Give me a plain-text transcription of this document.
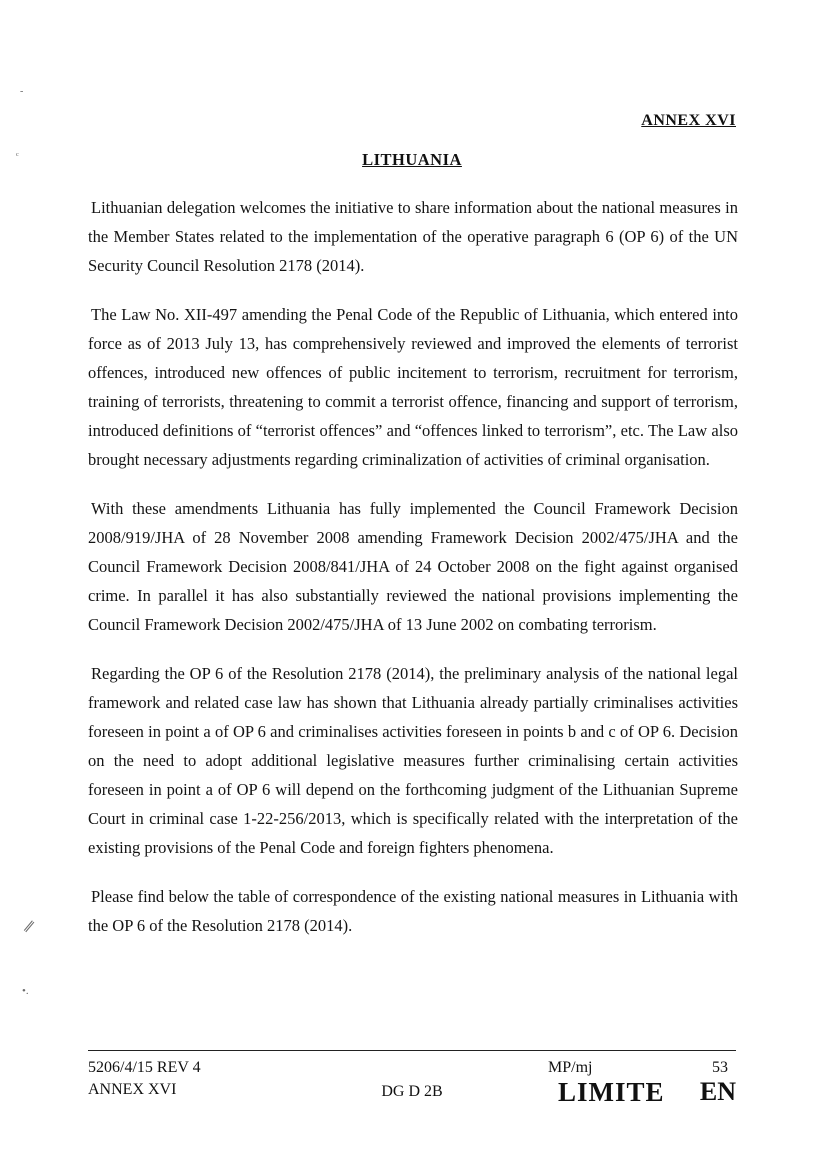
-
ᶜ
∥
•.
ANNEX XVI
LITHUANIA

Lithuanian delegation welcomes the initiative to share information about the national measures in the Member States related to the implementation of the operative paragraph 6 (OP 6) of the UN Security Council Resolution 2178 (2014).

The Law No. XII-497 amending the Penal Code of the Republic of Lithuania, which entered into force as of 2013 July 13, has comprehensively reviewed and improved the elements of terrorist offences, introduced new offences of public incitement to terrorism, recruitment for terrorism, training of terrorists, threatening to commit a terrorist offence, financing and support of terrorism, introduced definitions of “terrorist offences” and “offences linked to terrorism”, etc. The Law also brought necessary adjustments regarding criminalization of activities of criminal organisation.

With these amendments Lithuania has fully implemented the Council Framework Decision 2008/919/JHA of 28 November 2008 amending Framework Decision 2002/475/JHA and the Council Framework Decision 2008/841/JHA of 24 October 2008 on the fight against organised crime. In parallel it has also substantially reviewed the national provisions implementing the Council Framework Decision 2002/475/JHA of 13 June 2002 on combating terrorism.

Regarding the OP 6 of the Resolution 2178 (2014), the preliminary analysis of the national legal framework and related case law has shown that Lithuania already partially criminalises activities foreseen in point a of OP 6 and criminalises activities foreseen in points b and c of OP 6. Decision on the need to adopt additional legislative measures further criminalising certain activities foreseen in point a of OP 6 will depend on the forthcoming judgment of the Lithuanian Supreme Court in criminal case 1-22-256/2013, which is specifically related with the interpretation of the existing provisions of the Penal Code and foreign fighters phenomena.

Please find below the table of correspondence of the existing national measures in Lithuania with the OP 6 of the Resolution 2178 (2014).

5206/4/15 REV 4	MP/mj	53
ANNEX XVI	DG D 2B	LIMITE EN
